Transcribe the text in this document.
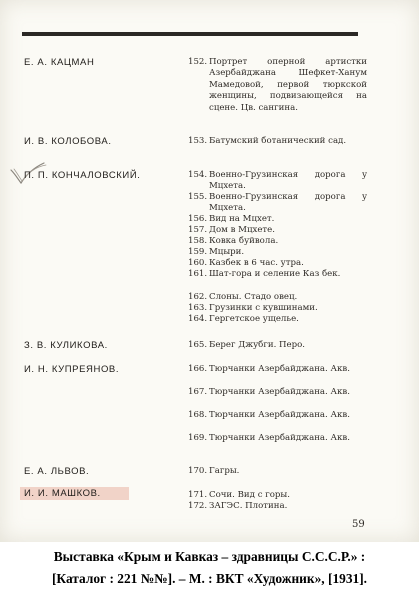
Е. А. КАЦМАН	152. Портрет оперной артистки Азербайджана Шефкет-Ханум Мамедовой, первой тюркской женщины, подвизающейся на сцене. Цв. сангина.
И. В. КОЛОБОВА.	153. Батумский ботанический сад.
П. П. КОНЧАЛОВСКИЙ.	154. Военно-Грузинская дорога у Мцхета.
155. Военно-Грузинская дорога у Мцхета.
156. Вид на Мцхет.
157. Дом в Мцхете.
158. Ковка буйвола.
159. Мцыри.
160. Казбек в 6 час. утра.
161. Шат-гора и селение Каз бек.
162. Слоны. Стадо овец.
163. Грузинки с кувшинами.
164. Гергетское ущелье.
З. В. КУЛИКОВА.	165. Берег Джубги. Перо.
И. Н. КУПРЕЯНОВ.	166. Тюрчанки Азербайджана. Акв.
167. Тюрчанки Азербайджана. Акв.
168. Тюрчанки Азербайджана. Акв.
169. Тюрчанки Азербайджана. Акв.
Е. А. ЛЬВОВ.	170. Гагры.
И. И. МАШКОВ.	171. Сочи. Вид с горы.
172. ЗАГЭС. Плотина.
59
Выставка «Крым и Кавказ – здравницы С.С.С.Р.» :
[Каталог : 221 №№]. – М. : ВКТ «Художник», [1931].
